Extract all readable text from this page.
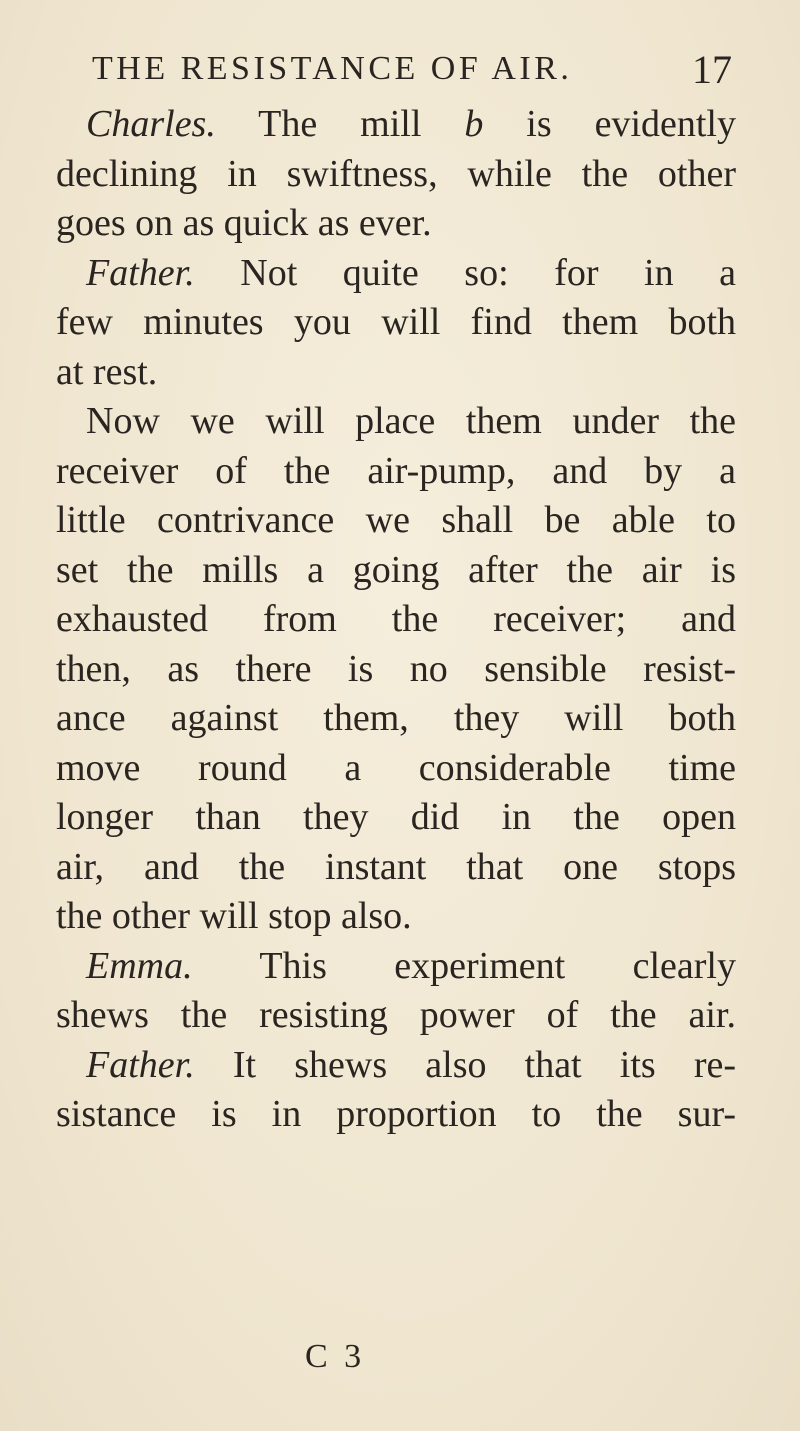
THE RESISTANCE OF AIR.	17
Charles. The mill b is evidently
declining in swiftness, while the other
goes on as quick as ever.
Father. Not quite so: for in a
few minutes you will find them both
at rest.
Now we will place them under the
receiver of the air-pump, and by a
little contrivance we shall be able to
set the mills a going after the air is
exhausted from the receiver; and
then, as there is no sensible resist-
ance against them, they will both
move round a considerable time
longer than they did in the open
air, and the instant that one stops
the other will stop also.
Emma. This experiment clearly
shews the resisting power of the air.
Father. It shews also that its re-
sistance is in proportion to the sur-
C 3
